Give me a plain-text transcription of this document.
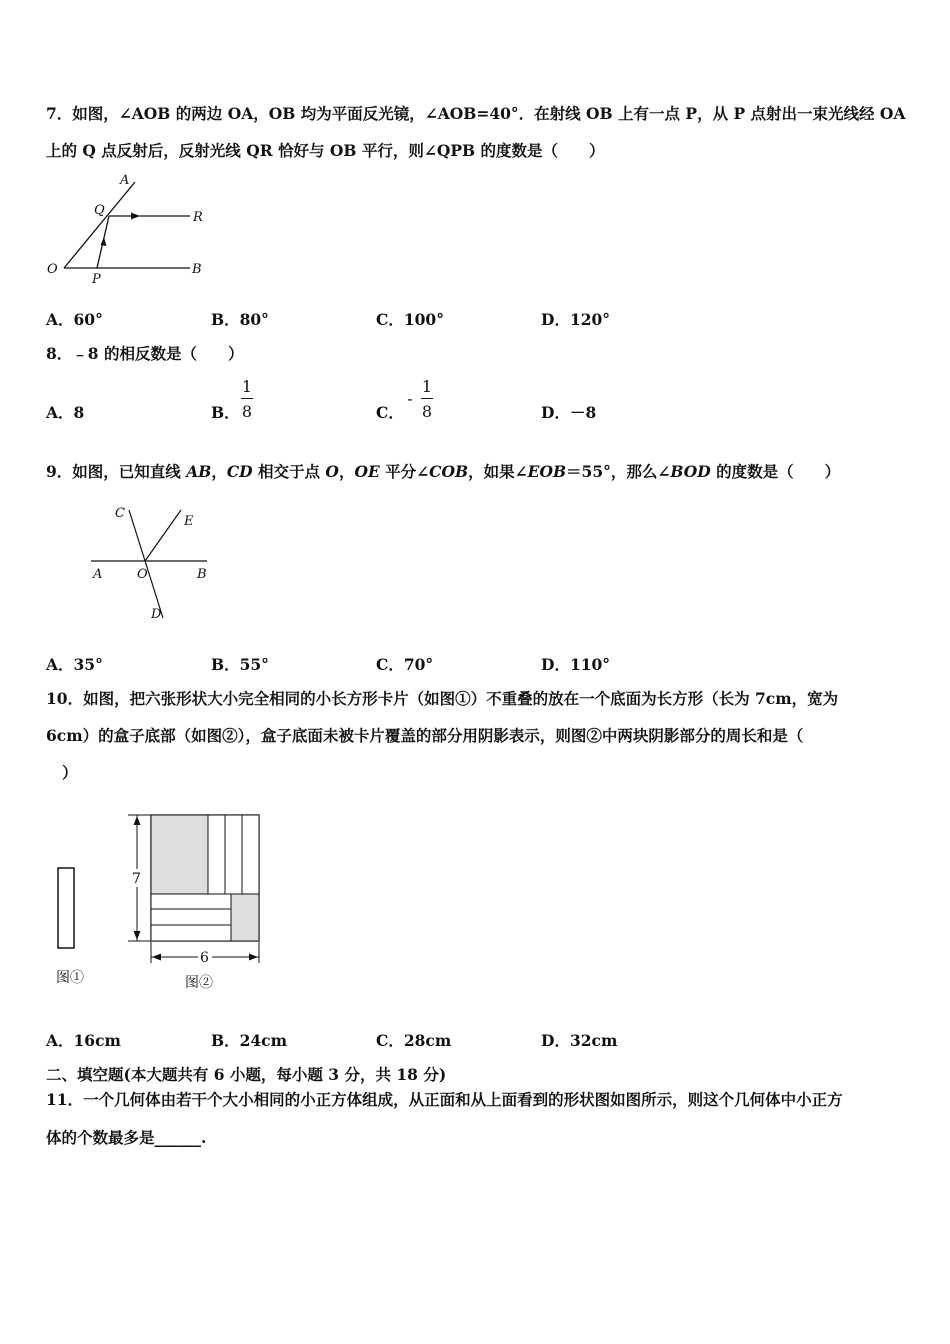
7．如图，∠AOB 的两边 OA，OB 均为平面反光镜，∠AOB=40°．在射线 OB 上有一点 P，从 P 点射出一束光线经 OA
上的 Q 点反射后，反射光线 QR 恰好与 OB 平行，则∠QPB 的度数是（　　）
A
Q	R
O
P
B
A．60°	B．80°	C．100°	D．120°
8．﹣8 的相反数是（　　）
A．8	B．
1
8	C．
-
1
8	D．－8
9．如图，已知直线 AB，CD 相交于点 O，OE 平分∠COB，如果∠EOB＝55°，那么∠BOD 的度数是（　　）
C
E
A	O	B
D
A．35°	B．55°	C．70°	D．110°
10．如图，把六张形状大小完全相同的小长方形卡片（如图①）不重叠的放在一个底面为长方形（长为 7cm，宽为
6cm）的盒子底部（如图②），盒子底面未被卡片覆盖的部分用阴影表示，则图②中两块阴影部分的周长和是（
）
图①
7
6
图②
A．16cm	B．24cm	C．28cm	D．32cm
二、填空题(本大题共有 6 小题，每小题 3 分，共 18 分)
11．一个几何体由若干个大小相同的小正方体组成，从正面和从上面看到的形状图如图所示，则这个几何体中小正方
体的个数最多是______.
